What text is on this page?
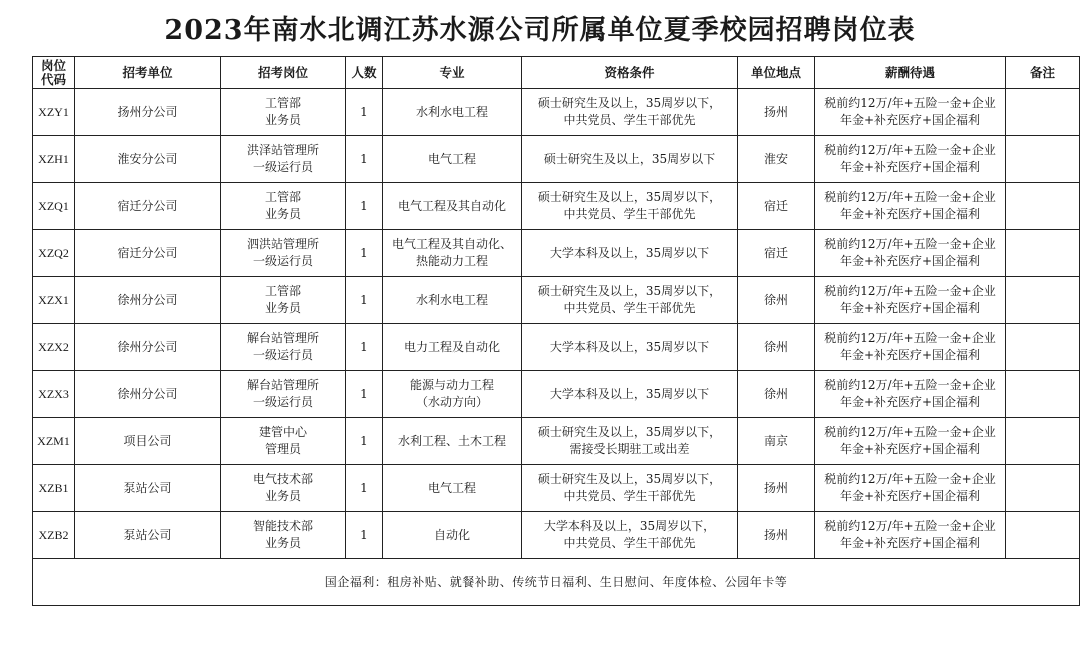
2023年南水北调江苏水源公司所属单位夏季校园招聘岗位表
岗位
代码	招考单位	招考岗位	人数	专业	资格条件	单位地点	薪酬待遇	备注
XZY1	扬州分公司	工管部
业务员	1	水利水电工程	硕士研究生及以上，35周岁以下，
中共党员、学生干部优先	扬州	税前约12万/年+五险一金+企业
年金+补充医疗+国企福利	
XZH1	淮安分公司	洪泽站管理所
一级运行员	1	电气工程	硕士研究生及以上，35周岁以下	淮安	税前约12万/年+五险一金+企业
年金+补充医疗+国企福利	
XZQ1	宿迁分公司	工管部
业务员	1	电气工程及其自动化	硕士研究生及以上，35周岁以下，
中共党员、学生干部优先	宿迁	税前约12万/年+五险一金+企业
年金+补充医疗+国企福利	
XZQ2	宿迁分公司	泗洪站管理所
一级运行员	1	电气工程及其自动化、
热能动力工程	大学本科及以上，35周岁以下	宿迁	税前约12万/年+五险一金+企业
年金+补充医疗+国企福利	
XZX1	徐州分公司	工管部
业务员	1	水利水电工程	硕士研究生及以上，35周岁以下，
中共党员、学生干部优先	徐州	税前约12万/年+五险一金+企业
年金+补充医疗+国企福利	
XZX2	徐州分公司	解台站管理所
一级运行员	1	电力工程及自动化	大学本科及以上，35周岁以下	徐州	税前约12万/年+五险一金+企业
年金+补充医疗+国企福利	
XZX3	徐州分公司	解台站管理所
一级运行员	1	能源与动力工程
（水动方向）	大学本科及以上，35周岁以下	徐州	税前约12万/年+五险一金+企业
年金+补充医疗+国企福利	
XZM1	项目公司	建管中心
管理员	1	水利工程、土木工程	硕士研究生及以上，35周岁以下，
需接受长期驻工或出差	南京	税前约12万/年+五险一金+企业
年金+补充医疗+国企福利	
XZB1	泵站公司	电气技术部
业务员	1	电气工程	硕士研究生及以上，35周岁以下，
中共党员、学生干部优先	扬州	税前约12万/年+五险一金+企业
年金+补充医疗+国企福利	
XZB2	泵站公司	智能技术部
业务员	1	自动化	大学本科及以上，35周岁以下，
中共党员、学生干部优先	扬州	税前约12万/年+五险一金+企业
年金+补充医疗+国企福利	
国企福利：租房补贴、就餐补助、传统节日福利、生日慰问、年度体检、公园年卡等								
